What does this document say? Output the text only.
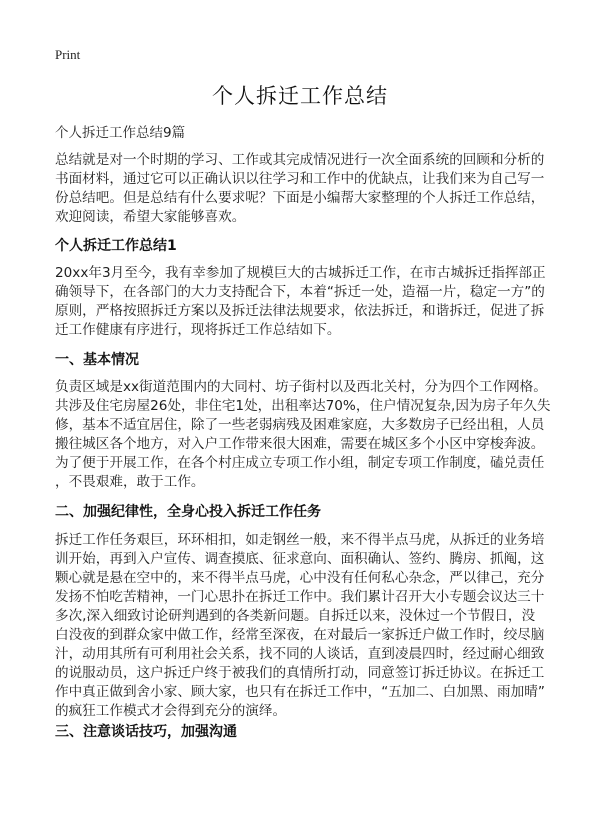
Print
个人拆迁工作总结
个人拆迁工作总结9篇
总结就是对一个时期的学习、工作或其完成情况进行一次全面系统的回顾和分析的
书面材料，通过它可以正确认识以往学习和工作中的优缺点，让我们来为自己写一
份总结吧。但是总结有什么要求呢？下面是小编帮大家整理的个人拆迁工作总结，
欢迎阅读，希望大家能够喜欢。
个人拆迁工作总结1
20xx年3月至今，我有幸参加了规模巨大的古城拆迁工作，在市古城拆迁指挥部正
确领导下，在各部门的大力支持配合下，本着“拆迁一处，造福一片，稳定一方”的
原则，严格按照拆迁方案以及拆迁法律法规要求，依法拆迁，和谐拆迁，促进了拆
迁工作健康有序进行，现将拆迁工作总结如下。
一、基本情况
负责区域是xx街道范围内的大同村、坊子街村以及西北关村，分为四个工作网格。
共涉及住宅房屋26处，非住宅1处，出租率达70%，住户情况复杂,因为房子年久失
修，基本不适宜居住，除了一些老弱病残及困难家庭，大多数房子已经出租，人员
搬往城区各个地方，对入户工作带来很大困难，需要在城区多个小区中穿梭奔波。
为了便于开展工作，在各个村庄成立专项工作小组，制定专项工作制度，磕兑责任
，不畏艰难，敢于工作。
二、加强纪律性，全身心投入拆迁工作任务
拆迁工作任务艰巨，环环相扣，如走钢丝一般，来不得半点马虎，从拆迁的业务培
训开始，再到入户宣传、调查摸底、征求意向、面积确认、签约、腾房、抓阄，这
颗心就是悬在空中的，来不得半点马虎，心中没有任何私心杂念，严以律己，充分
发扬不怕吃苦精神，一门心思扑在拆迁工作中。我们累计召开大小专题会议达三十
多次,深入细致讨论研判遇到的各类新问题。自拆迁以来，没休过一个节假日，没
白没夜的到群众家中做工作，经常至深夜，在对最后一家拆迁户做工作时，绞尽脑
汁，动用其所有可利用社会关系，找不同的人谈话，直到凌晨四时，经过耐心细致
的说服动员，这户拆迁户终于被我们的真情所打动，同意签订拆迁协议。在拆迁工
作中真正做到舍小家、顾大家，也只有在拆迁工作中，“五加二、白加黑、雨加晴”
的疯狂工作模式才会得到充分的演绎。
三、注意谈话技巧，加强沟通
